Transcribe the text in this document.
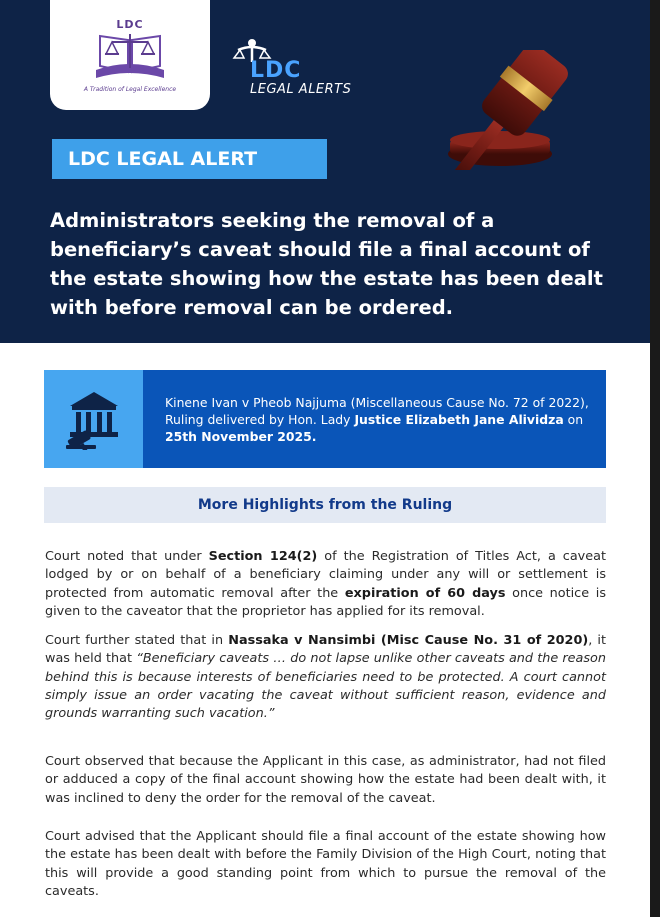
LDC
A Tradition of Legal Excellence
LDC
LEGAL ALERTS
LDC LEGAL ALERT
Administrators seeking the removal of a beneficiary’s caveat should file a final account of the estate showing how the estate has been dealt with before removal can be ordered.
Kinene Ivan v Pheob Najjuma (Miscellaneous Cause No. 72 of 2022), Ruling delivered by Hon. Lady Justice Elizabeth Jane Alividza on 25th November 2025.
More Highlights from the Ruling
Court noted that under Section 124(2) of the Registration of Titles Act, a caveat lodged by or on behalf of a beneficiary claiming under any will or settlement is protected from automatic removal after the expiration of 60 days once notice is given to the caveator that the proprietor has applied for its removal.
Court further stated that in Nassaka v Nansimbi (Misc Cause No. 31 of 2020), it was held that “Beneficiary caveats … do not lapse unlike other caveats and the reason behind this is because interests of beneficiaries need to be protected. A court cannot simply issue an order vacating the caveat without sufficient reason, evidence and grounds warranting such vacation.”
Court observed that because the Applicant in this case, as administrator, had not filed or adduced a copy of the final account showing how the estate had been dealt with, it was inclined to deny the order for the removal of the caveat.
Court advised that the Applicant should file a final account of the estate showing how the estate has been dealt with before the Family Division of the High Court, noting that this will provide a good standing point from which to pursue the removal of the caveats.
